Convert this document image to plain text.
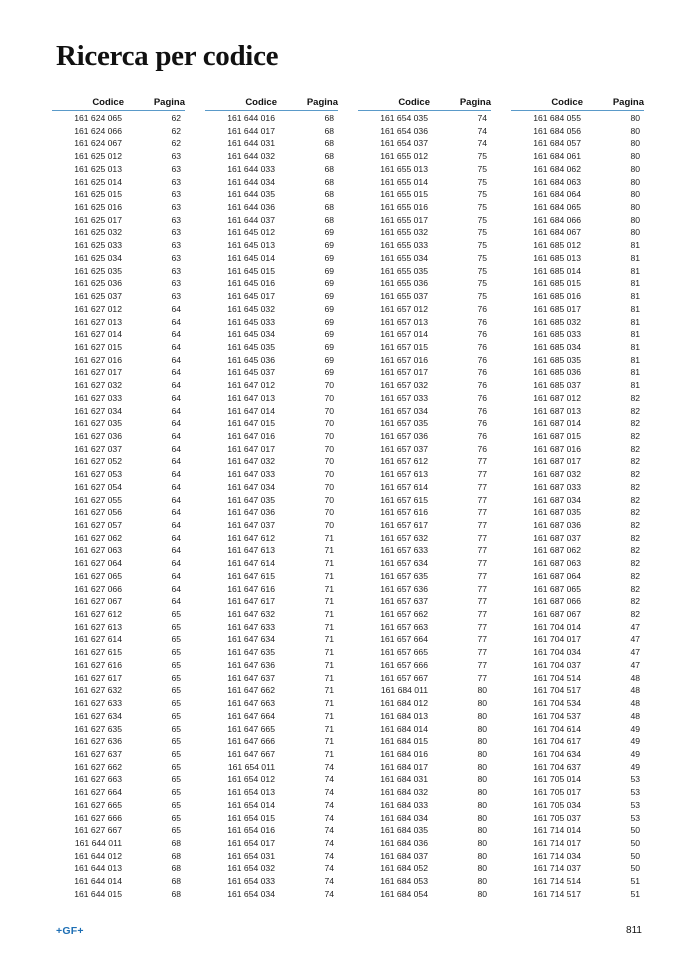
Ricerca per codice
Codice	Pagina
161 624 065	62
161 624 066	62
161 624 067	62
161 625 012	63
161 625 013	63
161 625 014	63
161 625 015	63
161 625 016	63
161 625 017	63
161 625 032	63
161 625 033	63
161 625 034	63
161 625 035	63
161 625 036	63
161 625 037	63
161 627 012	64
161 627 013	64
161 627 014	64
161 627 015	64
161 627 016	64
161 627 017	64
161 627 032	64
161 627 033	64
161 627 034	64
161 627 035	64
161 627 036	64
161 627 037	64
161 627 052	64
161 627 053	64
161 627 054	64
161 627 055	64
161 627 056	64
161 627 057	64
161 627 062	64
161 627 063	64
161 627 064	64
161 627 065	64
161 627 066	64
161 627 067	64
161 627 612	65
161 627 613	65
161 627 614	65
161 627 615	65
161 627 616	65
161 627 617	65
161 627 632	65
161 627 633	65
161 627 634	65
161 627 635	65
161 627 636	65
161 627 637	65
161 627 662	65
161 627 663	65
161 627 664	65
161 627 665	65
161 627 666	65
161 627 667	65
161 644 011	68
161 644 012	68
161 644 013	68
161 644 014	68
161 644 015	68
Codice	Pagina
161 644 016	68
161 644 017	68
161 644 031	68
161 644 032	68
161 644 033	68
161 644 034	68
161 644 035	68
161 644 036	68
161 644 037	68
161 645 012	69
161 645 013	69
161 645 014	69
161 645 015	69
161 645 016	69
161 645 017	69
161 645 032	69
161 645 033	69
161 645 034	69
161 645 035	69
161 645 036	69
161 645 037	69
161 647 012	70
161 647 013	70
161 647 014	70
161 647 015	70
161 647 016	70
161 647 017	70
161 647 032	70
161 647 033	70
161 647 034	70
161 647 035	70
161 647 036	70
161 647 037	70
161 647 612	71
161 647 613	71
161 647 614	71
161 647 615	71
161 647 616	71
161 647 617	71
161 647 632	71
161 647 633	71
161 647 634	71
161 647 635	71
161 647 636	71
161 647 637	71
161 647 662	71
161 647 663	71
161 647 664	71
161 647 665	71
161 647 666	71
161 647 667	71
161 654 011	74
161 654 012	74
161 654 013	74
161 654 014	74
161 654 015	74
161 654 016	74
161 654 017	74
161 654 031	74
161 654 032	74
161 654 033	74
161 654 034	74
Codice	Pagina
161 654 035	74
161 654 036	74
161 654 037	74
161 655 012	75
161 655 013	75
161 655 014	75
161 655 015	75
161 655 016	75
161 655 017	75
161 655 032	75
161 655 033	75
161 655 034	75
161 655 035	75
161 655 036	75
161 655 037	75
161 657 012	76
161 657 013	76
161 657 014	76
161 657 015	76
161 657 016	76
161 657 017	76
161 657 032	76
161 657 033	76
161 657 034	76
161 657 035	76
161 657 036	76
161 657 037	76
161 657 612	77
161 657 613	77
161 657 614	77
161 657 615	77
161 657 616	77
161 657 617	77
161 657 632	77
161 657 633	77
161 657 634	77
161 657 635	77
161 657 636	77
161 657 637	77
161 657 662	77
161 657 663	77
161 657 664	77
161 657 665	77
161 657 666	77
161 657 667	77
161 684 011	80
161 684 012	80
161 684 013	80
161 684 014	80
161 684 015	80
161 684 016	80
161 684 017	80
161 684 031	80
161 684 032	80
161 684 033	80
161 684 034	80
161 684 035	80
161 684 036	80
161 684 037	80
161 684 052	80
161 684 053	80
161 684 054	80
Codice	Pagina
161 684 055	80
161 684 056	80
161 684 057	80
161 684 061	80
161 684 062	80
161 684 063	80
161 684 064	80
161 684 065	80
161 684 066	80
161 684 067	80
161 685 012	81
161 685 013	81
161 685 014	81
161 685 015	81
161 685 016	81
161 685 017	81
161 685 032	81
161 685 033	81
161 685 034	81
161 685 035	81
161 685 036	81
161 685 037	81
161 687 012	82
161 687 013	82
161 687 014	82
161 687 015	82
161 687 016	82
161 687 017	82
161 687 032	82
161 687 033	82
161 687 034	82
161 687 035	82
161 687 036	82
161 687 037	82
161 687 062	82
161 687 063	82
161 687 064	82
161 687 065	82
161 687 066	82
161 687 067	82
161 704 014	47
161 704 017	47
161 704 034	47
161 704 037	47
161 704 514	48
161 704 517	48
161 704 534	48
161 704 537	48
161 704 614	49
161 704 617	49
161 704 634	49
161 704 637	49
161 705 014	53
161 705 017	53
161 705 034	53
161 705 037	53
161 714 014	50
161 714 017	50
161 714 034	50
161 714 037	50
161 714 514	51
161 714 517	51
+GF+	811
